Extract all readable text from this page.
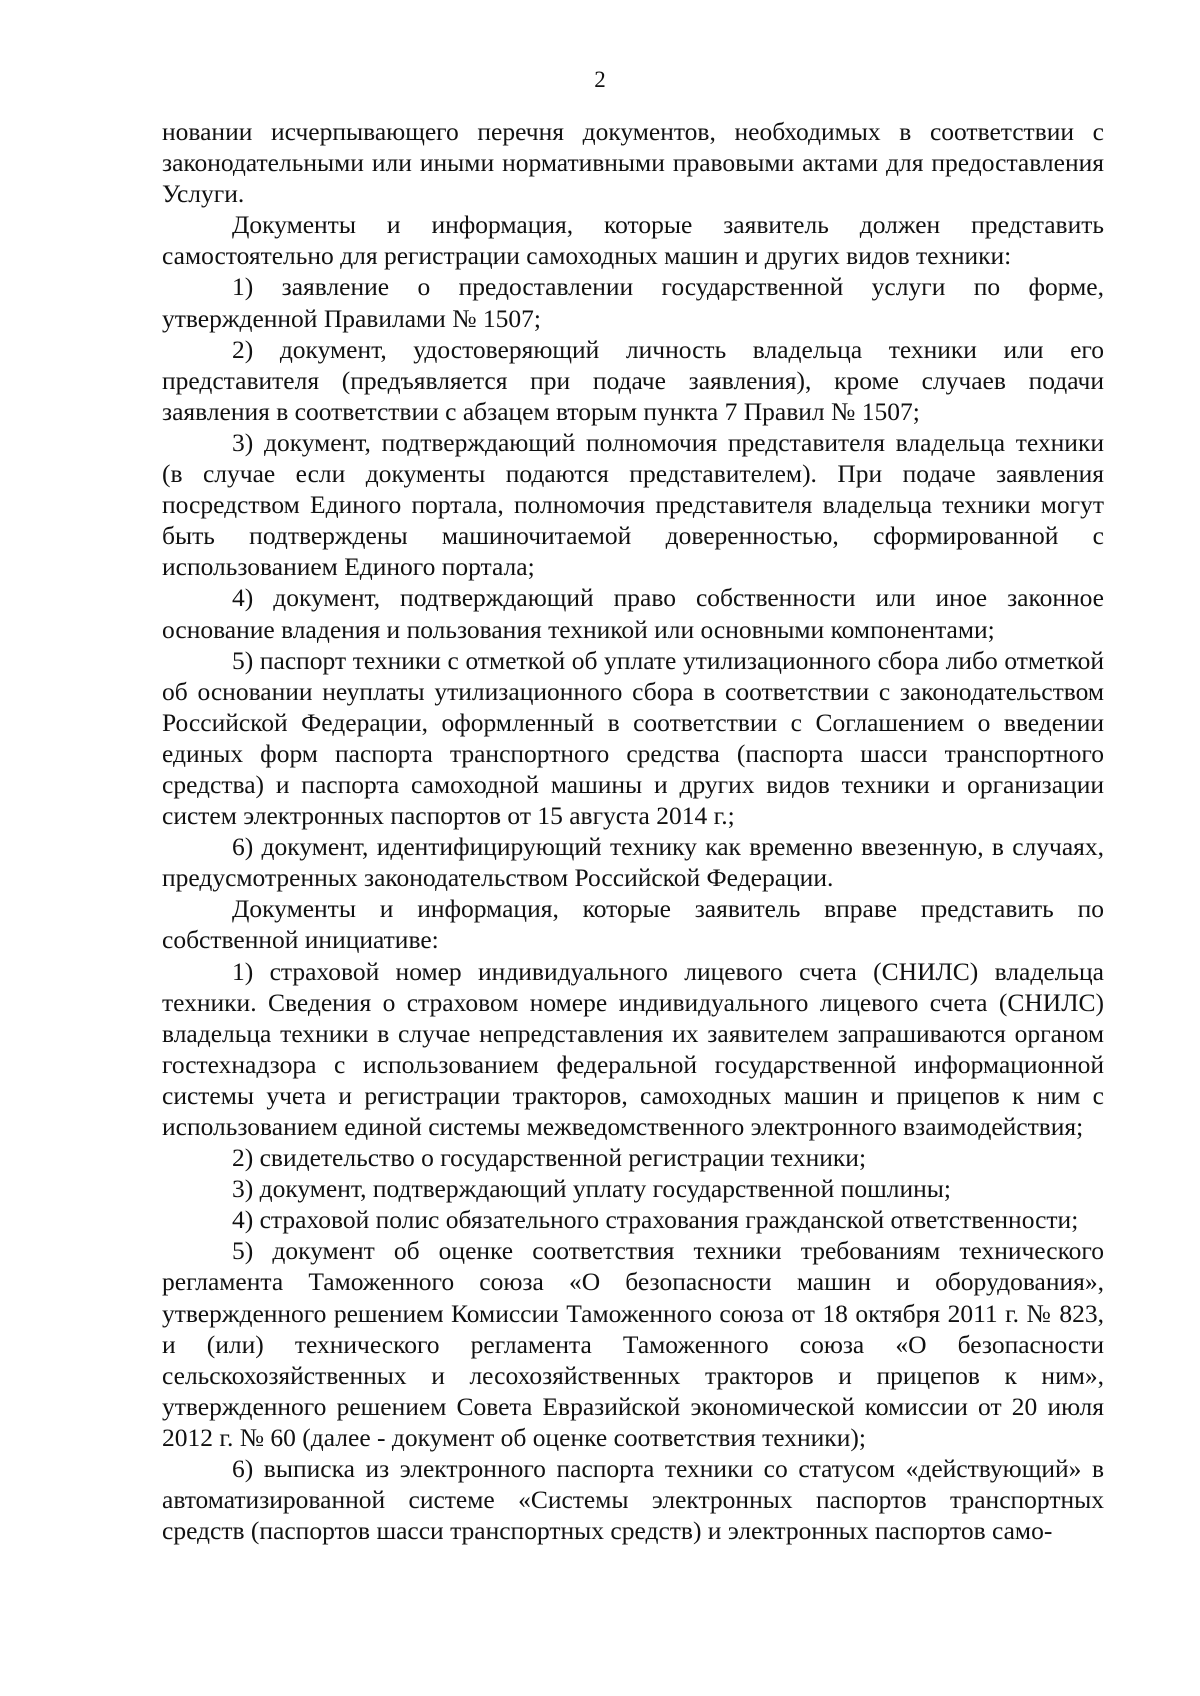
2

новании исчерпывающего перечня документов, необходимых в соответствии с законодательными или иными нормативными правовыми актами для предоставления Услуги.

Документы и информация, которые заявитель должен представить самостоятельно для регистрации самоходных машин и других видов техники:

1) заявление о предоставлении государственной услуги по форме, утвержденной Правилами № 1507;

2) документ, удостоверяющий личность владельца техники или его представителя (предъявляется при подаче заявления), кроме случаев подачи заявления в соответствии с абзацем вторым пункта 7 Правил № 1507;

3) документ, подтверждающий полномочия представителя владельца техники (в случае если документы подаются представителем). При подаче заявления посредством Единого портала, полномочия представителя владельца техники могут быть подтверждены машиночитаемой доверенностью, сформированной с использованием Единого портала;

4) документ, подтверждающий право собственности или иное законное основание владения и пользования техникой или основными компонентами;

5) паспорт техники с отметкой об уплате утилизационного сбора либо отметкой об основании неуплаты утилизационного сбора в соответствии с законодательством Российской Федерации, оформленный в соответствии с Соглашением о введении единых форм паспорта транспортного средства (паспорта шасси транспортного средства) и паспорта самоходной машины и других видов техники и организации систем электронных паспортов от 15 августа 2014 г.;

6) документ, идентифицирующий технику как временно ввезенную, в случаях, предусмотренных законодательством Российской Федерации.

Документы и информация, которые заявитель вправе представить по собственной инициативе:

1) страховой номер индивидуального лицевого счета (СНИЛС) владельца техники. Сведения о страховом номере индивидуального лицевого счета (СНИЛС) владельца техники в случае непредставления их заявителем запрашиваются органом гостехнадзора с использованием федеральной государственной информационной системы учета и регистрации тракторов, самоходных машин и прицепов к ним с использованием единой системы межведомственного электронного взаимодействия;

2) свидетельство о государственной регистрации техники;

3) документ, подтверждающий уплату государственной пошлины;

4) страховой полис обязательного страхования гражданской ответственности;

5) документ об оценке соответствия техники требованиям технического регламента Таможенного союза «О безопасности машин и оборудования», утвержденного решением Комиссии Таможенного союза от 18 октября 2011 г. № 823, и (или) технического регламента Таможенного союза «О безопасности сельскохозяйственных и лесохозяйственных тракторов и прицепов к ним», утвержденного решением Совета Евразийской экономической комиссии от 20 июля 2012 г. № 60 (далее - документ об оценке соответствия техники);

6) выписка из электронного паспорта техники со статусом «действующий» в автоматизированной системе «Системы электронных паспортов транспортных средств (паспортов шасси транспортных средств) и электронных паспортов само-
